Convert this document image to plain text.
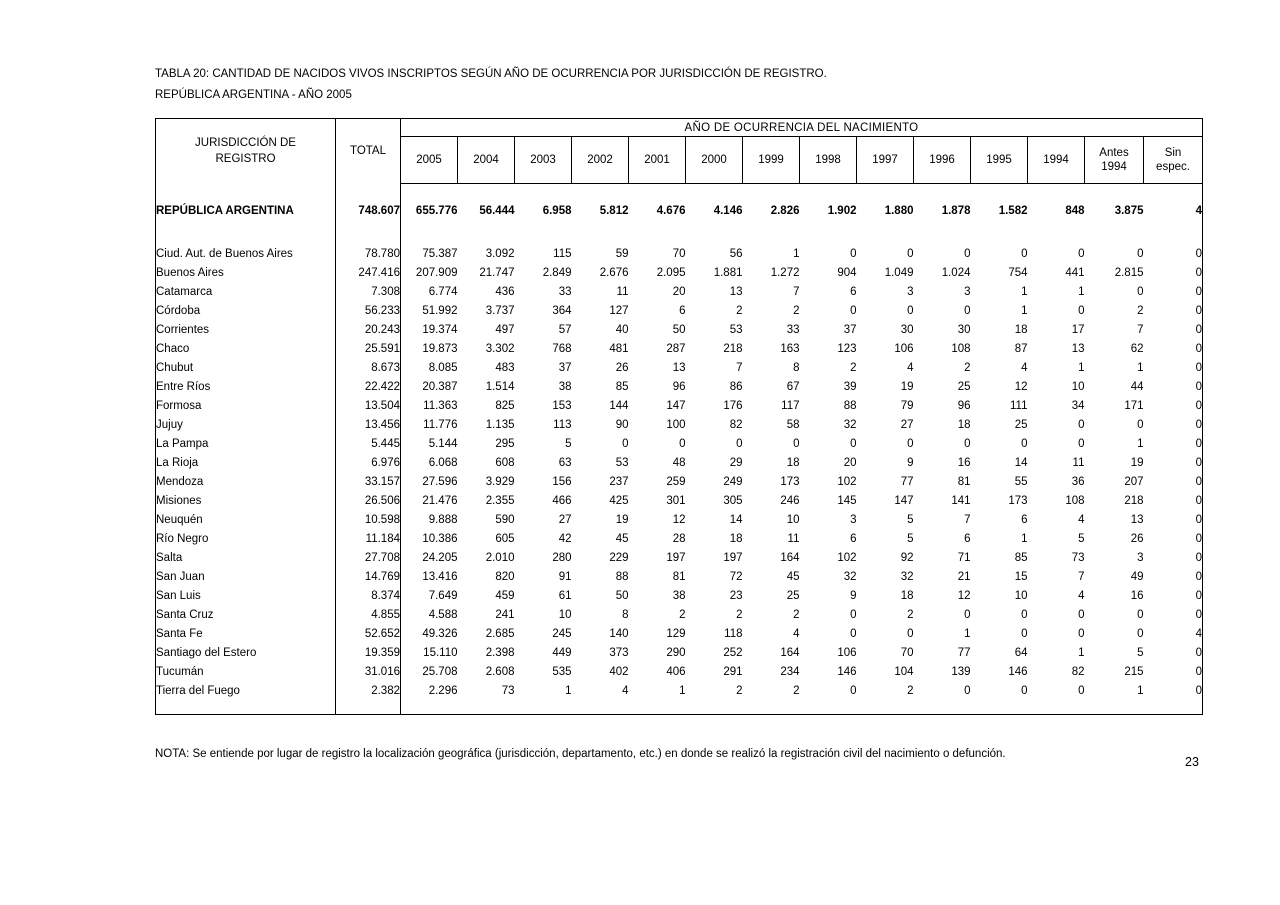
TABLA 20: CANTIDAD DE NACIDOS VIVOS INSCRIPTOS SEGÚN AÑO DE OCURRENCIA POR JURISDICCIÓN DE REGISTRO.
REPÚBLICA ARGENTINA - AÑO 2005
JURISDICCIÓN DE
REGISTRO	TOTAL	AÑO DE OCURRENCIA DEL NACIMIENTO													

2005	2004	2003	2002	2001	2000	1999	1998	1997	1996	1995	1994

Antes
1994

Sin
espec.

REPÚBLICA ARGENTINA	748.607	655.776	56.444	6.958	5.812	4.676	4.146	2.826	1.902	1.880	1.878	1.582	848	3.875	4

Ciud. Aut. de Buenos Aires	78.780	75.387	3.092	115	59	70	56	1	0	0	0	0	0	0	0
Buenos Aires	247.416	207.909	21.747	2.849	2.676	2.095	1.881	1.272	904	1.049	1.024	754	441	2.815	0
Catamarca	7.308	6.774	436	33	11	20	13	7	6	3	3	1	1	0	0
Córdoba	56.233	51.992	3.737	364	127	6	2	2	0	0	0	1	0	2	0
Corrientes	20.243	19.374	497	57	40	50	53	33	37	30	30	18	17	7	0
Chaco	25.591	19.873	3.302	768	481	287	218	163	123	106	108	87	13	62	0
Chubut	8.673	8.085	483	37	26	13	7	8	2	4	2	4	1	1	0
Entre Ríos	22.422	20.387	1.514	38	85	96	86	67	39	19	25	12	10	44	0
Formosa	13.504	11.363	825	153	144	147	176	117	88	79	96	111	34	171	0
Jujuy	13.456	11.776	1.135	113	90	100	82	58	32	27	18	25	0	0	0
La Pampa	5.445	5.144	295	5	0	0	0	0	0	0	0	0	0	1	0
La Rioja	6.976	6.068	608	63	53	48	29	18	20	9	16	14	11	19	0
Mendoza	33.157	27.596	3.929	156	237	259	249	173	102	77	81	55	36	207	0
Misiones	26.506	21.476	2.355	466	425	301	305	246	145	147	141	173	108	218	0
Neuquén	10.598	9.888	590	27	19	12	14	10	3	5	7	6	4	13	0
Río Negro	11.184	10.386	605	42	45	28	18	11	6	5	6	1	5	26	0
Salta	27.708	24.205	2.010	280	229	197	197	164	102	92	71	85	73	3	0
San Juan	14.769	13.416	820	91	88	81	72	45	32	32	21	15	7	49	0
San Luis	8.374	7.649	459	61	50	38	23	25	9	18	12	10	4	16	0
Santa Cruz	4.855	4.588	241	10	8	2	2	2	0	2	0	0	0	0	0
Santa Fe	52.652	49.326	2.685	245	140	129	118	4	0	0	1	0	0	0	4
Santiago del Estero	19.359	15.110	2.398	449	373	290	252	164	106	70	77	64	1	5	0
Tucumán	31.016	25.708	2.608	535	402	406	291	234	146	104	139	146	82	215	0
Tierra del Fuego	2.382	2.296	73	1	4	1	2	2	0	2	0	0	0	1	0

NOTA: Se entiende por lugar de registro la localización geográfica (jurisdicción, departamento, etc.) en donde se realizó la registración civil del nacimiento o defunción.
23
